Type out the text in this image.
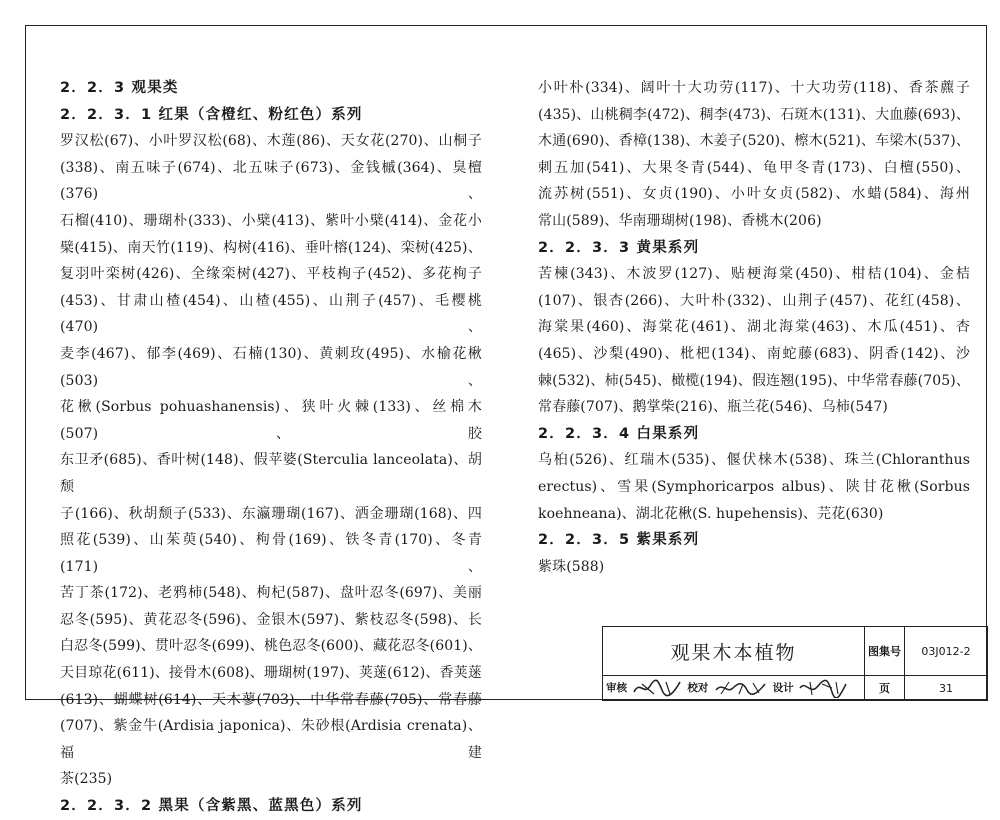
2．2．3 观果类
2．2．3．1 红果（含橙红、粉红色）系列

罗汉松(67)、小叶罗汉松(68)、木莲(86)、天女花(270)、山桐子

(338)、南五味子(674)、北五味子(673)、金钱槭(364)、臭檀(376)、

石榴(410)、珊瑚朴(333)、小檗(413)、紫叶小檗(414)、金花小

檗(415)、南天竹(119)、构树(416)、垂叶榕(124)、栾树(425)、

复羽叶栾树(426)、全缘栾树(427)、平枝栒子(452)、多花栒子

(453)、甘肃山楂(454)、山楂(455)、山荆子(457)、毛樱桃(470)、

麦李(467)、郁李(469)、石楠(130)、黄刺玫(495)、水榆花楸(503)、

花楸(Sorbus pohuashanensis)、狭叶火棘(133)、丝棉木(507)、胶

东卫矛(685)、香叶树(148)、假苹婆(Sterculia lanceolata)、胡颓

子(166)、秋胡颓子(533)、东瀛珊瑚(167)、洒金珊瑚(168)、四

照花(539)、山茱萸(540)、枸骨(169)、铁冬青(170)、冬青(171)、

苦丁茶(172)、老鸦柿(548)、枸杞(587)、盘叶忍冬(697)、美丽

忍冬(595)、黄花忍冬(596)、金银木(597)、紫枝忍冬(598)、长

白忍冬(599)、贯叶忍冬(699)、桃色忍冬(600)、藏花忍冬(601)、

天目琼花(611)、接骨木(608)、珊瑚树(197)、荚蒾(612)、香荚蒾

(613)、蝴蝶树(614)、天木蓼(703)、中华常春藤(705)、常春藤

(707)、紫金牛(Ardisia japonica)、朱砂根(Ardisia crenata)、福建

茶(235)

2．2．3．2 黑果（含紫黑、蓝黑色）系列

小叶朴(334)、阔叶十大功劳(117)、十大功劳(118)、香茶藨子

(435)、山桃稠李(472)、稠李(473)、石斑木(131)、大血藤(693)、

木通(690)、香樟(138)、木姜子(520)、檫木(521)、车梁木(537)、

刺五加(541)、大果冬青(544)、龟甲冬青(173)、白檀(550)、

流苏树(551)、女贞(190)、小叶女贞(582)、水蜡(584)、海州

常山(589)、华南珊瑚树(198)、香桃木(206)

2．2．3．3 黄果系列

苦楝(343)、木波罗(127)、贴梗海棠(450)、柑桔(104)、金桔

(107)、银杏(266)、大叶朴(332)、山荆子(457)、花红(458)、

海棠果(460)、海棠花(461)、湖北海棠(463)、木瓜(451)、杏

(465)、沙梨(490)、枇杷(134)、南蛇藤(683)、阴香(142)、沙

棘(532)、柿(545)、橄榄(194)、假连翘(195)、中华常春藤(705)、

常春藤(707)、鹅掌柴(216)、瓶兰花(546)、乌柿(547)

2．2．3．4 白果系列

乌桕(526)、红瑞木(535)、偃伏梾木(538)、珠兰(Chloranthus

erectus)、雪果(Symphoricarpos albus)、陕甘花楸(Sorbus

koehneana)、湖北花楸(S. hupehensis)、芫花(630)

2．2．3．5 紫果系列

紫珠(588)

观果木本植物	图集号	03J012-2
审核 校对 设计	页	31
